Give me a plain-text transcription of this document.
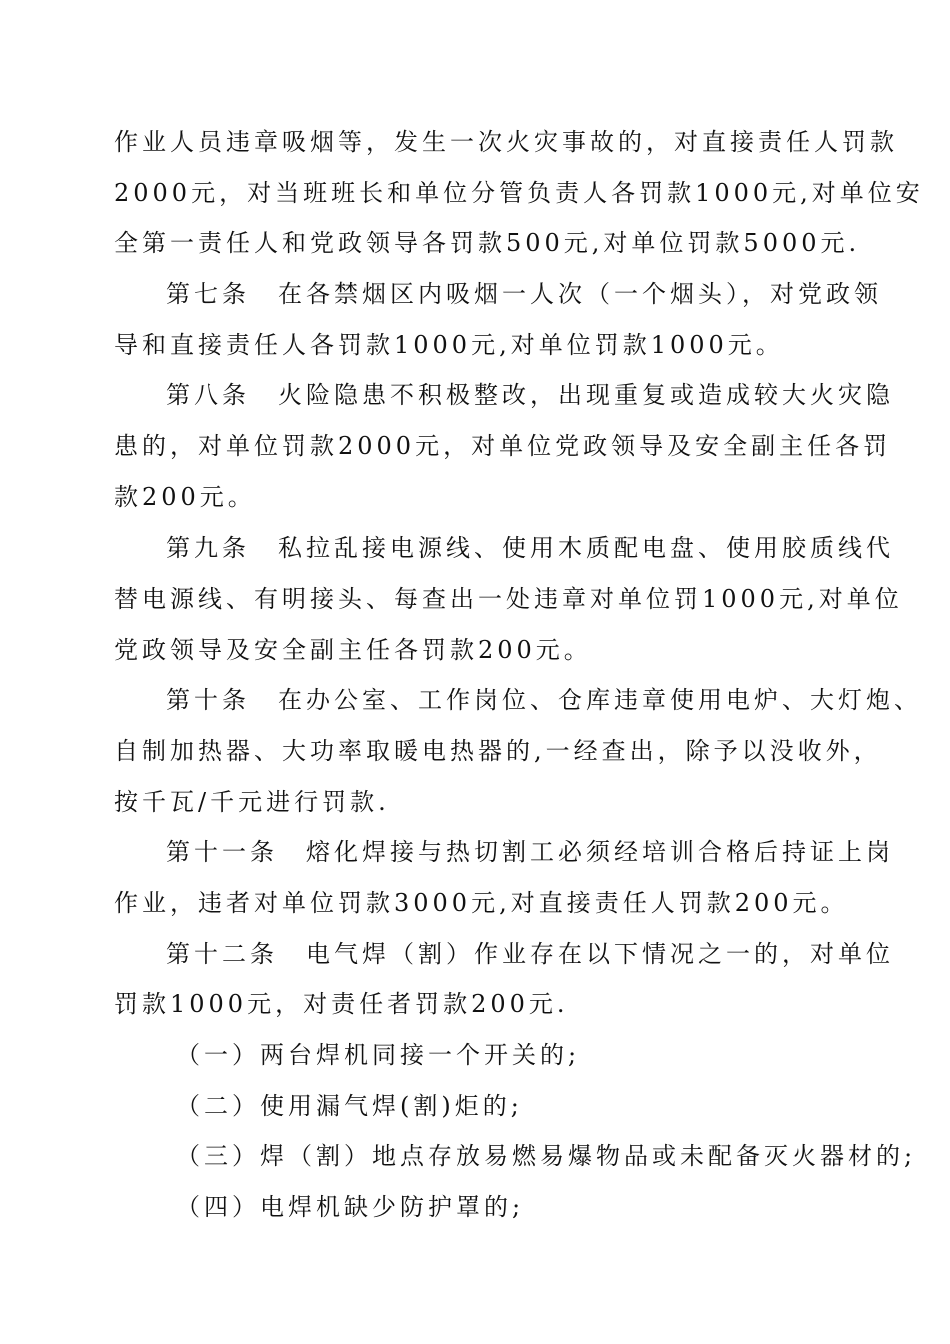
作业人员违章吸烟等，发生一次火灾事故的，对直接责任人罚款
2000元，对当班班长和单位分管负责人各罚款1000元,对单位安
全第一责任人和党政领导各罚款500元,对单位罚款5000元.
第七条　在各禁烟区内吸烟一人次（一个烟头），对党政领
导和直接责任人各罚款1000元,对单位罚款1000元。
第八条　火险隐患不积极整改，出现重复或造成较大火灾隐
患的，对单位罚款2000元，对单位党政领导及安全副主任各罚
款200元。
第九条　私拉乱接电源线、使用木质配电盘、使用胶质线代
替电源线、有明接头、每查出一处违章对单位罚1000元,对单位
党政领导及安全副主任各罚款200元。
第十条　在办公室、工作岗位、仓库违章使用电炉、大灯炮、
自制加热器、大功率取暖电热器的,一经查出，除予以没收外，
按千瓦/千元进行罚款.
第十一条　熔化焊接与热切割工必须经培训合格后持证上岗
作业，违者对单位罚款3000元,对直接责任人罚款200元。
第十二条　电气焊（割）作业存在以下情况之一的，对单位
罚款1000元，对责任者罚款200元.
（一）两台焊机同接一个开关的;
（二）使用漏气焊(割)炬的;
（三）焊（割）地点存放易燃易爆物品或未配备灭火器材的;
（四）电焊机缺少防护罩的;
